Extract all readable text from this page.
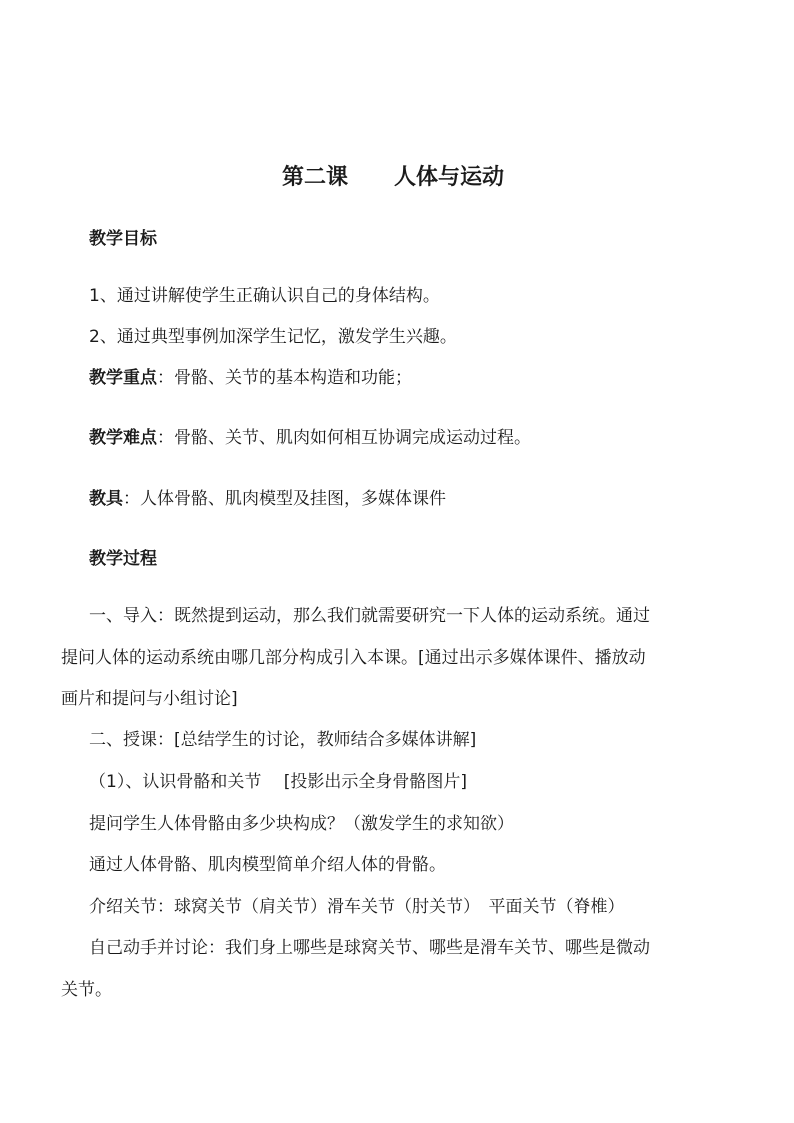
第二课 人体与运动
教学目标
1、通过讲解使学生正确认识自己的身体结构。
2、通过典型事例加深学生记忆，激发学生兴趣。
教学重点：骨骼、关节的基本构造和功能；
教学难点：骨骼、关节、肌肉如何相互协调完成运动过程。
教具：人体骨骼、肌肉模型及挂图，多媒体课件
教学过程
一、导入：既然提到运动，那么我们就需要研究一下人体的运动系统。通过
提问人体的运动系统由哪几部分构成引入本课。[通过出示多媒体课件、播放动
画片和提问与小组讨论]
二、授课：[总结学生的讨论，教师结合多媒体讲解]
（1）、认识骨骼和关节　 [投影出示全身骨骼图片]
提问学生人体骨骼由多少块构成？（激发学生的求知欲）
通过人体骨骼、肌肉模型简单介绍人体的骨骼。
介绍关节：球窝关节（肩关节）滑车关节（肘关节）　平面关节（脊椎）
自己动手并讨论：我们身上哪些是球窝关节、哪些是滑车关节、哪些是微动
关节。
